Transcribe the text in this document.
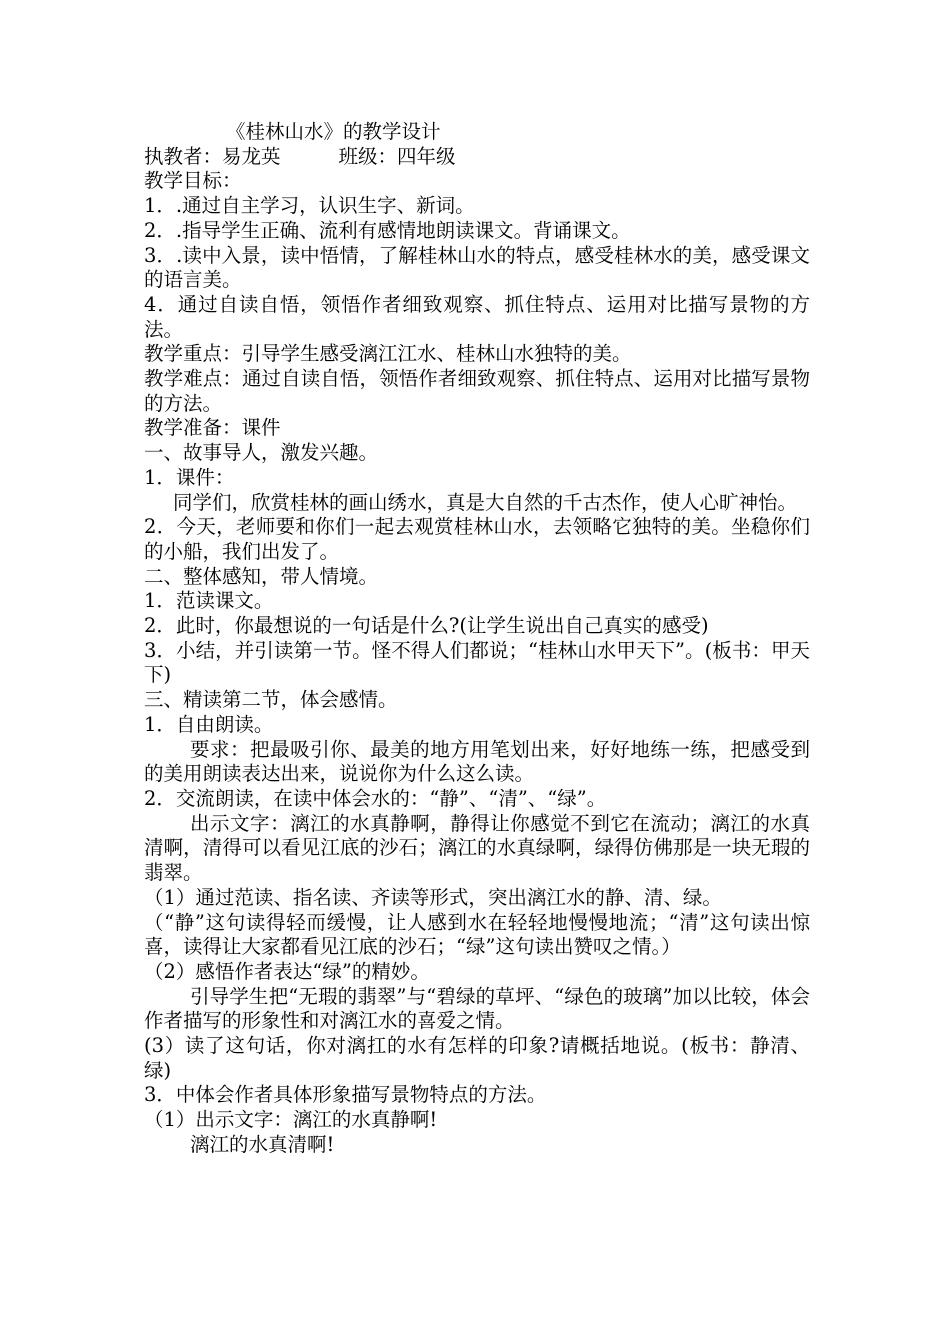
《桂林山水》的教学设计
执教者：易龙英	班级：四年级
教学目标：
1．.通过自主学习，认识生字、新词。
2．.指导学生正确、流利有感情地朗读课文。背诵课文。
3．.读中入景，读中悟情，了解桂林山水的特点，感受桂林水的美，感受课文的语言美。
4．通过自读自悟，领悟作者细致观察、抓住特点、运用对比描写景物的方法。
教学重点：引导学生感受漓江江水、桂林山水独特的美。
教学难点：通过自读自悟，领悟作者细致观察、抓住特点、运用对比描写景物的方法。
教学准备：课件
一、故事导人，激发兴趣。
1．课件：
同学们，欣赏桂林的画山绣水，真是大自然的千古杰作，使人心旷神怡。
2．今天，老师要和你们一起去观赏桂林山水，去领略它独特的美。坐稳你们的小船，我们出发了。
二、整体感知，带人情境。
1．范读课文。
2．此时，你最想说的一句话是什么?(让学生说出自己真实的感受)
3．小结，并引读第一节。怪不得人们都说；“桂林山水甲天下”。(板书：甲天下)
三、精读第二节，体会感情。
1．自由朗读。
要求：把最吸引你、最美的地方用笔划出来，好好地练一练，把感受到的美用朗读表达出来，说说你为什么这么读。
2．交流朗读，在读中体会水的：“静”、“清”、“绿”。
出示文字：漓江的水真静啊，静得让你感觉不到它在流动；漓江的水真清啊，清得可以看见江底的沙石；漓江的水真绿啊，绿得仿佛那是一块无瑕的翡翠。
（1）通过范读、指名读、齐读等形式，突出漓江水的静、清、绿。
（“静”这句读得轻而缓慢，让人感到水在轻轻地慢慢地流；“清”这句读出惊喜，读得让大家都看见江底的沙石；“绿”这句读出赞叹之情。）
（2）感悟作者表达“绿”的精妙。
引导学生把“无瑕的翡翠”与“碧绿的草坪、“绿色的玻璃”加以比较，体会作者描写的形象性和对漓江水的喜爱之情。
(3）读了这句话，你对漓扛的水有怎样的印象?请概括地说。(板书：静清、绿)
3．中体会作者具体形象描写景物特点的方法。
（1）出示文字：漓江的水真静啊!
漓江的水真清啊!
